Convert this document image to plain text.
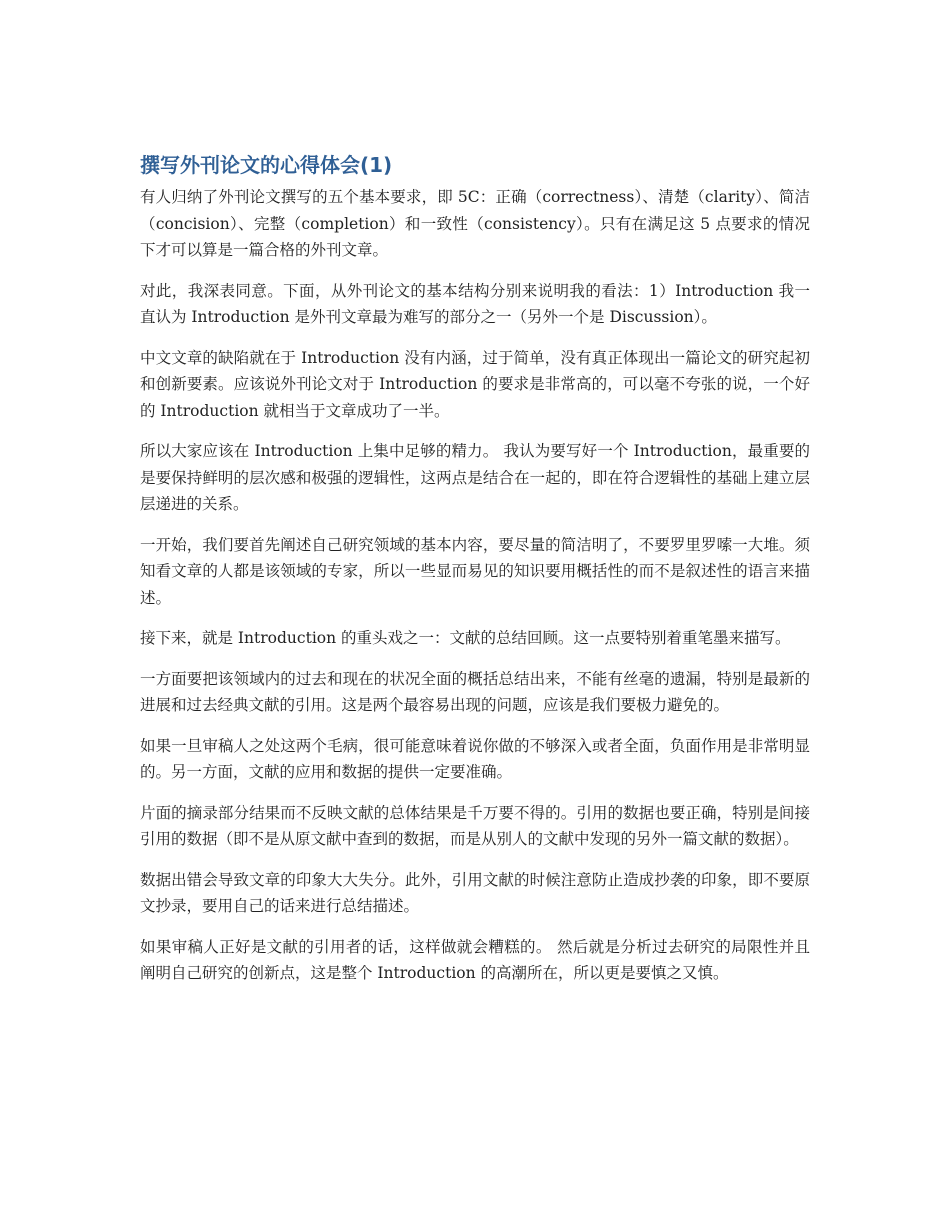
撰写外刊论文的心得体会(1)

有人归纳了外刊论文撰写的五个基本要求，即 5C：正确（correctness）、清楚（clarity）、简洁（concision）、完整（completion）和一致性（consistency）。只有在满足这 5 点要求的情况下才可以算是一篇合格的外刊文章。

对此，我深表同意。下面，从外刊论文的基本结构分别来说明我的看法：1）Introduction 我一直认为 Introduction 是外刊文章最为难写的部分之一（另外一个是 Discussion）。

中文文章的缺陷就在于 Introduction 没有内涵，过于简单，没有真正体现出一篇论文的研究起初和创新要素。应该说外刊论文对于 Introduction 的要求是非常高的，可以毫不夸张的说，一个好的 Introduction 就相当于文章成功了一半。

所以大家应该在 Introduction 上集中足够的精力。 我认为要写好一个 Introduction，最重要的是要保持鲜明的层次感和极强的逻辑性，这两点是结合在一起的，即在符合逻辑性的基础上建立层层递进的关系。

一开始，我们要首先阐述自己研究领域的基本内容，要尽量的简洁明了，不要罗里罗嗦一大堆。须知看文章的人都是该领域的专家，所以一些显而易见的知识要用概括性的而不是叙述性的语言来描述。

接下来，就是 Introduction 的重头戏之一：文献的总结回顾。这一点要特别着重笔墨来描写。

一方面要把该领域内的过去和现在的状况全面的概括总结出来，不能有丝毫的遗漏，特别是最新的进展和过去经典文献的引用。这是两个最容易出现的问题，应该是我们要极力避免的。

如果一旦审稿人之处这两个毛病，很可能意味着说你做的不够深入或者全面，负面作用是非常明显的。另一方面，文献的应用和数据的提供一定要准确。

片面的摘录部分结果而不反映文献的总体结果是千万要不得的。引用的数据也要正确，特别是间接引用的数据（即不是从原文献中查到的数据，而是从别人的文献中发现的另外一篇文献的数据）。

数据出错会导致文章的印象大大失分。此外，引用文献的时候注意防止造成抄袭的印象，即不要原文抄录，要用自己的话来进行总结描述。

如果审稿人正好是文献的引用者的话，这样做就会糟糕的。 然后就是分析过去研究的局限性并且阐明自己研究的创新点，这是整个 Introduction 的高潮所在，所以更是要慎之又慎。
